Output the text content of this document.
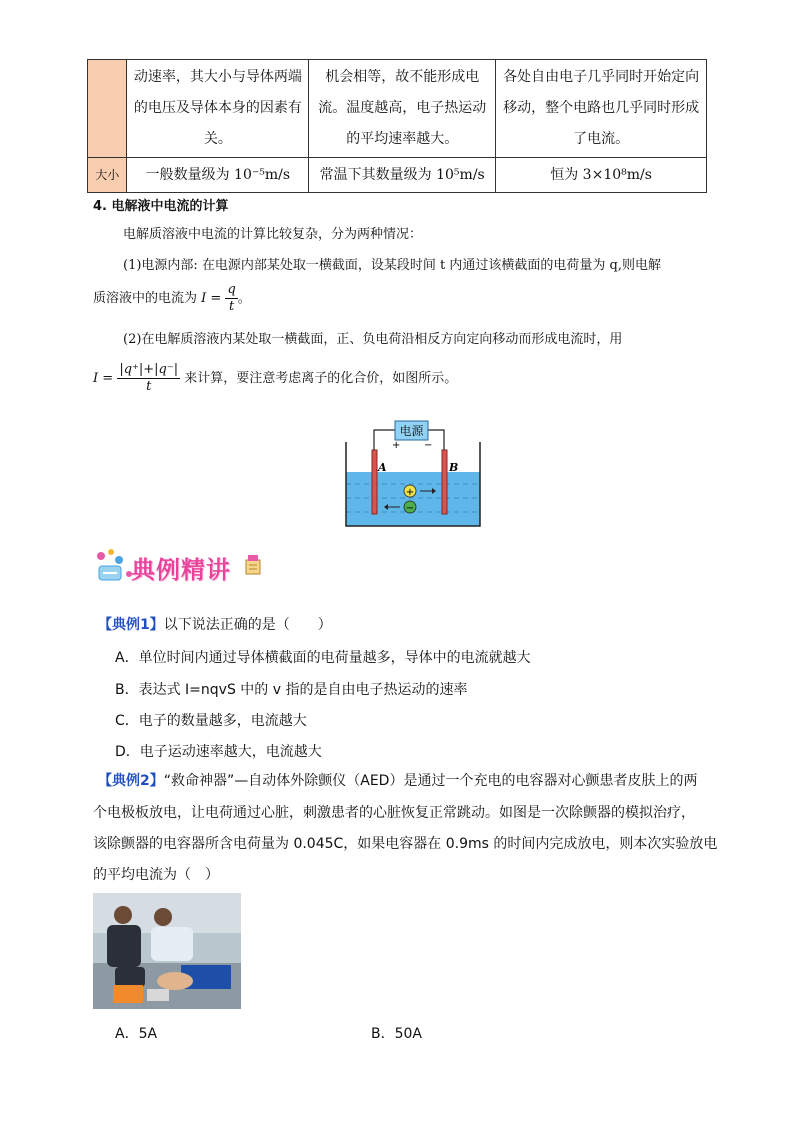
	动速率，其大小与导体两端的电压及导体本身的因素有关。	机会相等，故不能形成电流。温度越高，电子热运动的平均速率越大。	各处自由电子几乎同时开始定向移动，整个电路也几乎同时形成了电流。
大小	一般数量级为 10⁻⁵m/s	常温下其数量级为 10⁵m/s	恒为 3×10⁸m/s
4. 电解液中电流的计算
电解质溶液中电流的计算比较复杂，分为两种情况：
(1)电源内部: 在电源内部某处取一横截面，设某段时间 t 内通过该横截面的电荷量为 q,则电解
质溶液中的电流为 $I = \frac{q}{t}$ 。
(2)在电解质溶液内某处取一横截面，正、负电荷沿相反方向定向移动而形成电流时，用
$I = \frac{|q^+|+|q^-|}{t}$ 来计算，要注意考虑离子的化合价，如图所示。
电源
+ −
A	B
+
−
典例精讲
【典例1】以下说法正确的是（　　）
A．单位时间内通过导体横截面的电荷量越多，导体中的电流就越大
B．表达式 I=nqvS 中的 v 指的是自由电子热运动的速率
C．电子的数量越多，电流越大
D．电子运动速率越大，电流越大
【典例2】“救命神器”—自动体外除颤仪（AED）是通过一个充电的电容器对心颤患者皮肤上的两
个电极板放电，让电荷通过心脏，刺激患者的心脏恢复正常跳动。如图是一次除颤器的模拟治疗，
该除颤器的电容器所含电荷量为 0.045C，如果电容器在 0.9ms 的时间内完成放电，则本次实验放电
的平均电流为（　）
A．5A	B．50A
